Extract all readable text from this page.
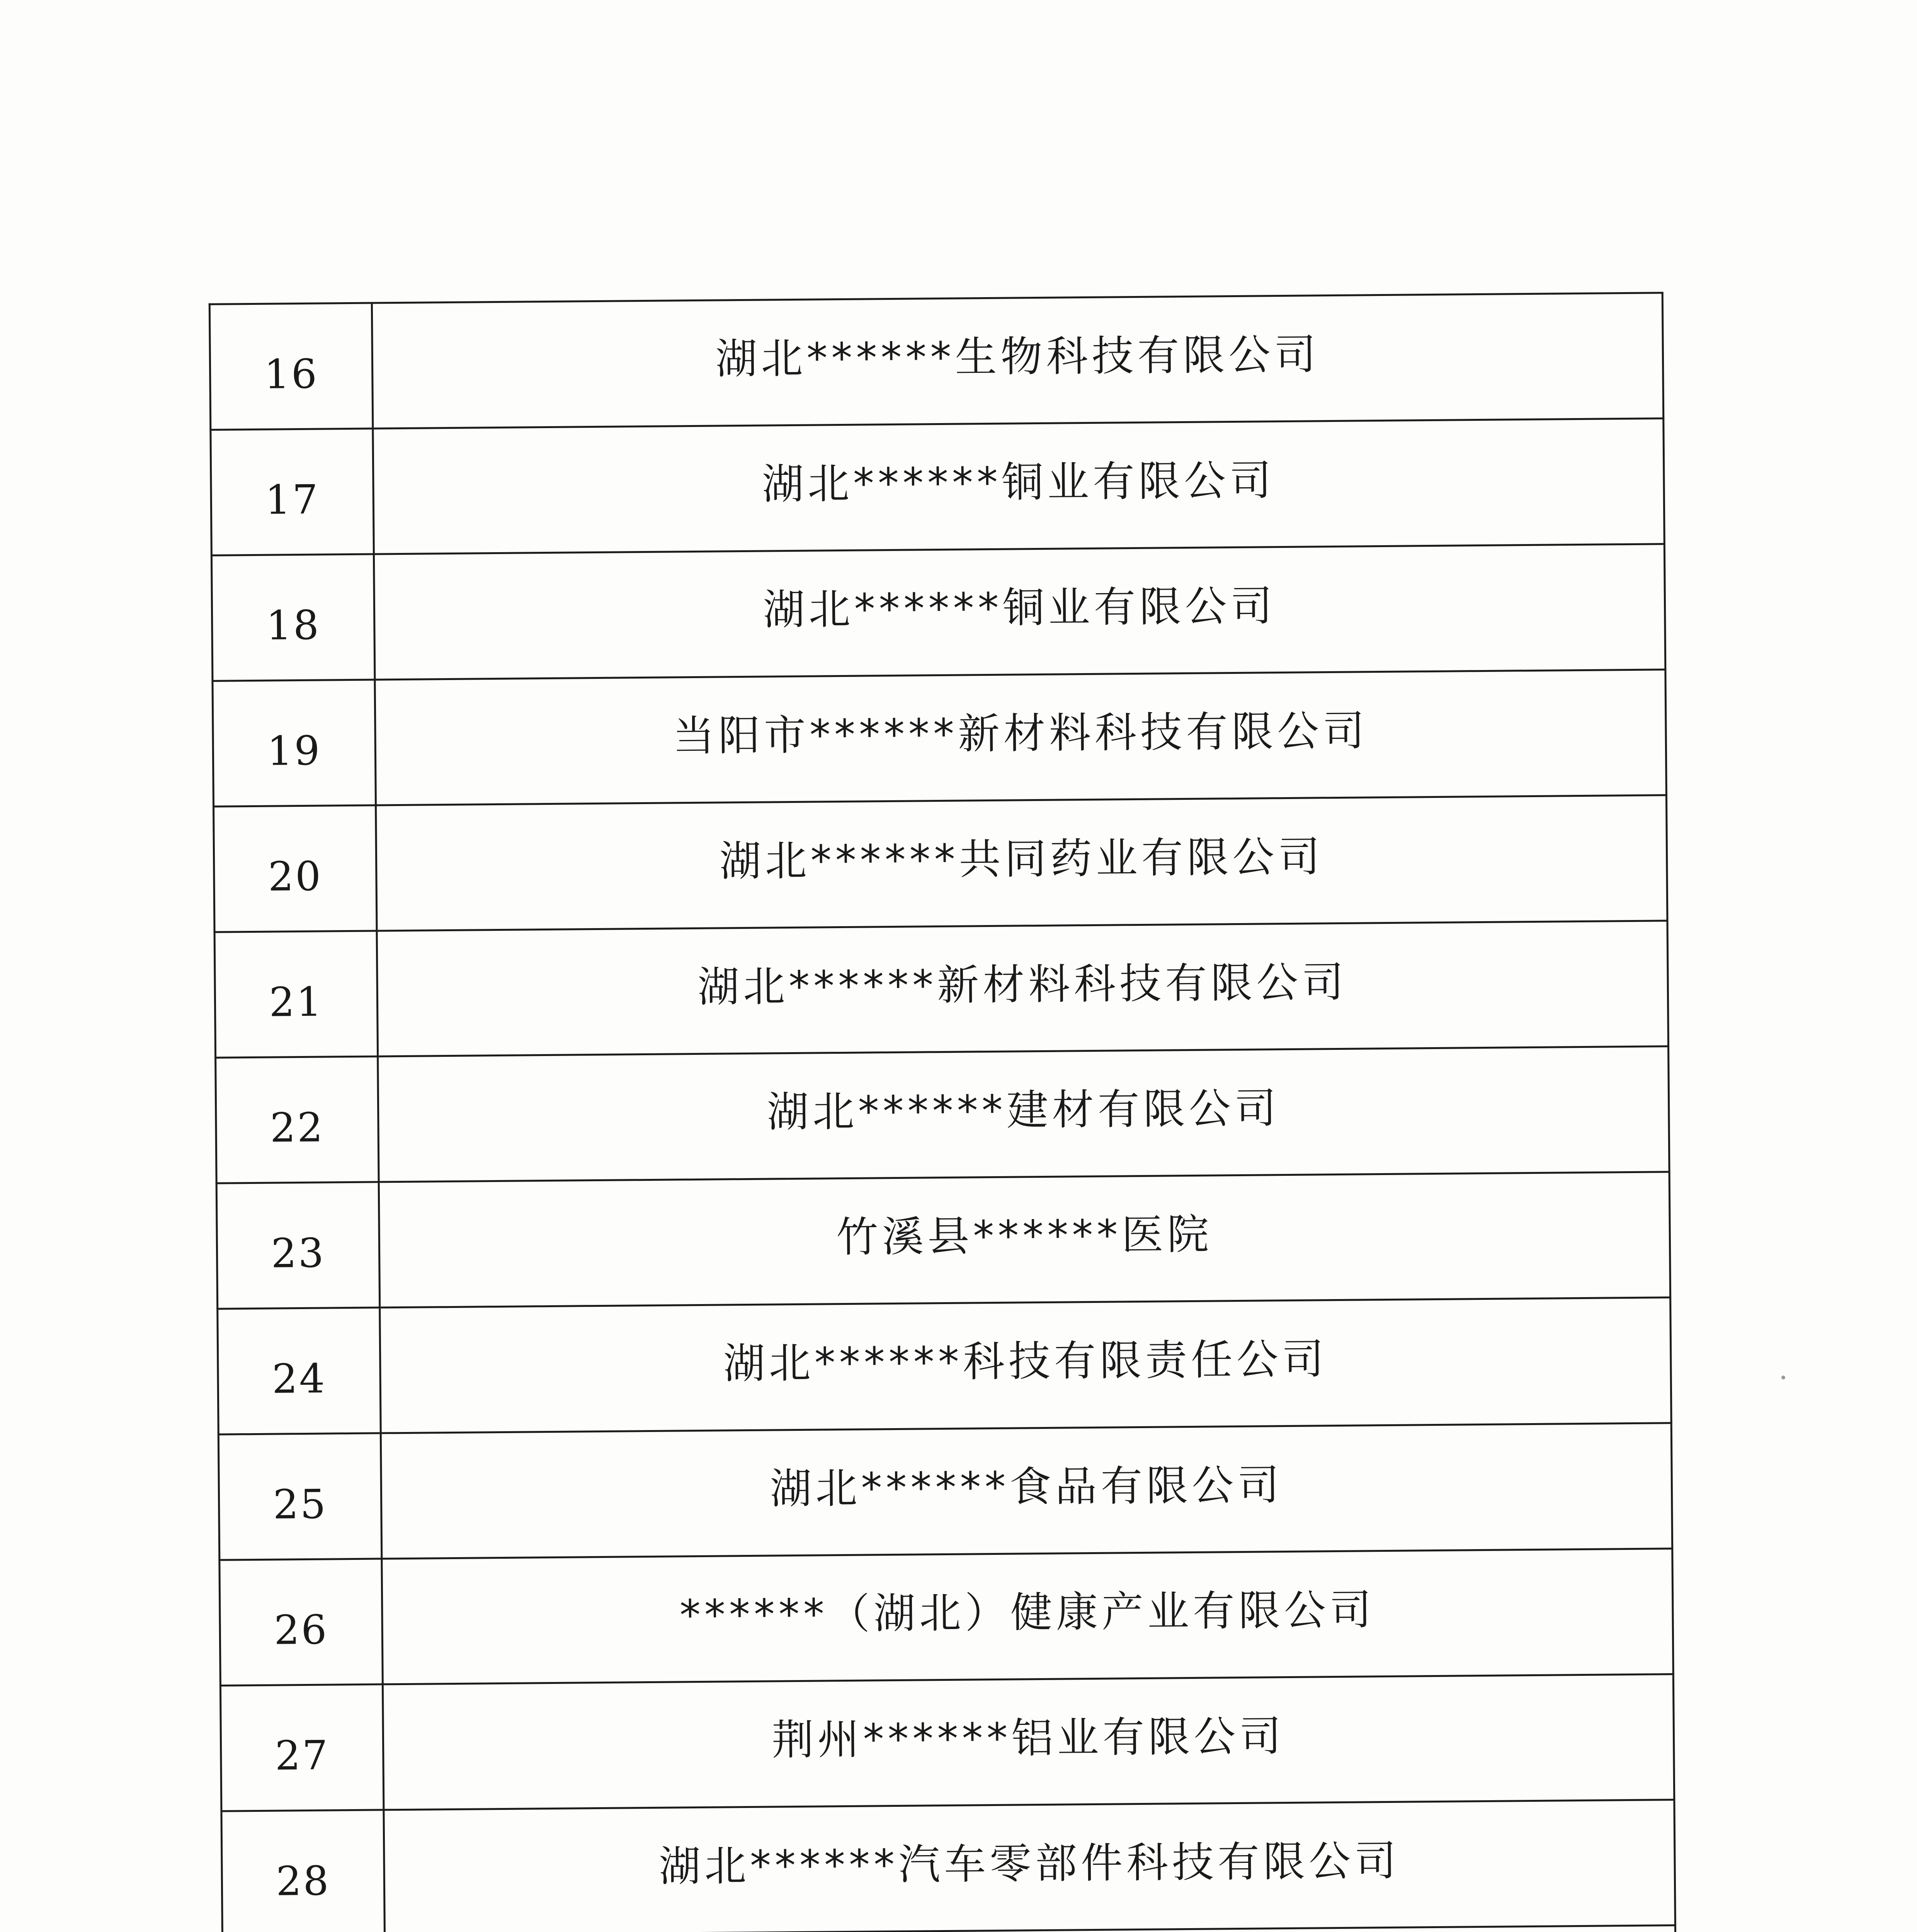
16	湖北******生物科技有限公司
17	湖北******铜业有限公司
18	湖北******铜业有限公司
19	当阳市******新材料科技有限公司
20	湖北******共同药业有限公司
21	湖北******新材料科技有限公司
22	湖北******建材有限公司
23	竹溪县******医院
24	湖北******科技有限责任公司
25	湖北******食品有限公司
26	******（湖北）健康产业有限公司
27	荆州******铝业有限公司
28	湖北******汽车零部件科技有限公司
